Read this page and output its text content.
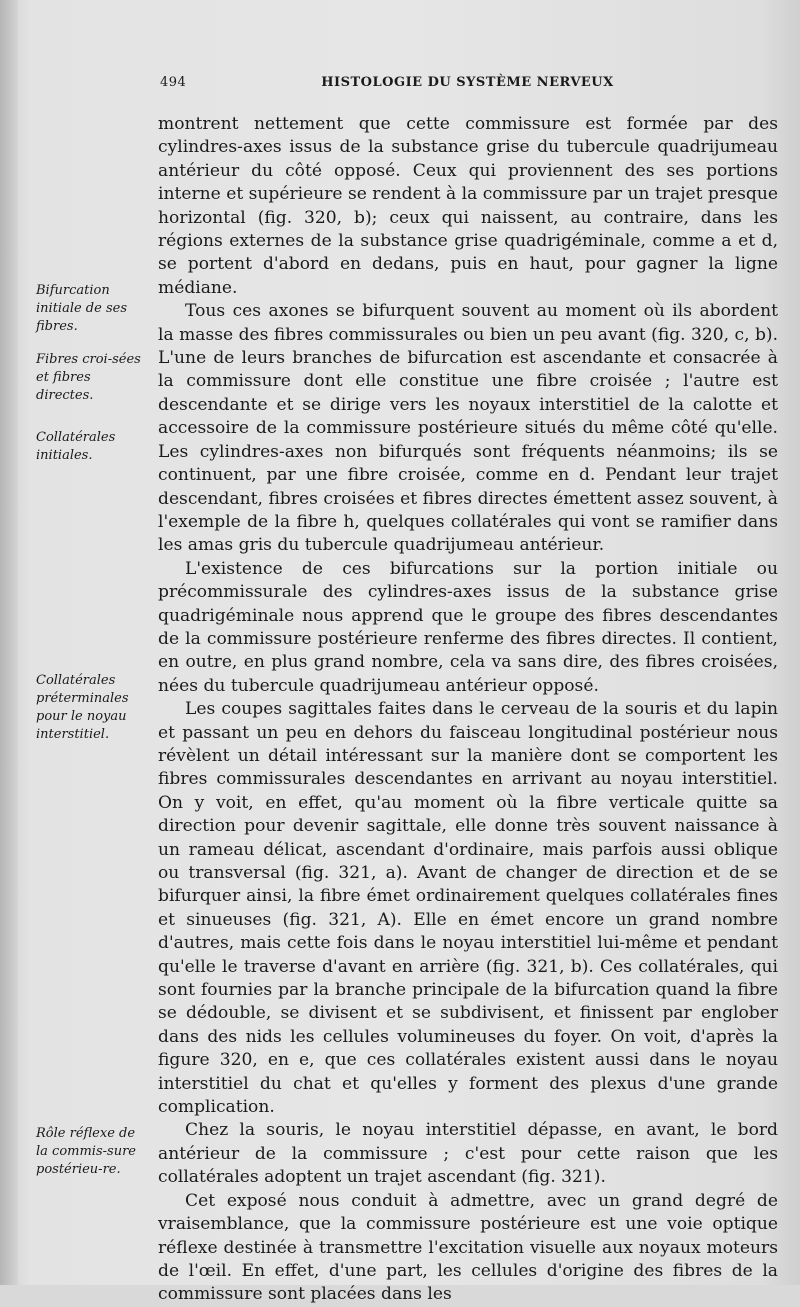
494	HISTOLOGIE DU SYSTÈME NERVEUX
Bifurcation initiale de ses fibres.
Fibres croi-sées et fibres directes.
Collatérales initiales.
Collatérales préterminales pour le noyau interstitiel.
Rôle réflexe de la commis-sure postérieu-re.

montrent nettement que cette commissure est formée par des cylindres-axes issus de la substance grise du tubercule quadrijumeau antérieur du côté opposé. Ceux qui proviennent des ses portions interne et supérieure se rendent à la commissure par un trajet presque horizontal (fig. 320, b); ceux qui naissent, au contraire, dans les régions externes de la substance grise quadrigéminale, comme a et d, se portent d'abord en dedans, puis en haut, pour gagner la ligne médiane.

Tous ces axones se bifurquent souvent au moment où ils abordent la masse des fibres commissurales ou bien un peu avant (fig. 320, c, b). L'une de leurs branches de bifurcation est ascendante et consacrée à la commissure dont elle constitue une fibre croisée ; l'autre est descendante et se dirige vers les noyaux interstitiel de la calotte et accessoire de la commissure postérieure situés du même côté qu'elle. Les cylindres-axes non bifurqués sont fréquents néanmoins; ils se continuent, par une fibre croisée, comme en d. Pendant leur trajet descendant, fibres croisées et fibres directes émettent assez souvent, à l'exemple de la fibre h, quelques collatérales qui vont se ramifier dans les amas gris du tubercule quadrijumeau antérieur.

L'existence de ces bifurcations sur la portion initiale ou précommissurale des cylindres-axes issus de la substance grise quadrigéminale nous apprend que le groupe des fibres descendantes de la commissure postérieure renferme des fibres directes. Il contient, en outre, en plus grand nombre, cela va sans dire, des fibres croisées, nées du tubercule quadrijumeau antérieur opposé.

Les coupes sagittales faites dans le cerveau de la souris et du lapin et passant un peu en dehors du faisceau longitudinal postérieur nous révèlent un détail intéressant sur la manière dont se comportent les fibres commissurales descendantes en arrivant au noyau interstitiel. On y voit, en effet, qu'au moment où la fibre verticale quitte sa direction pour devenir sagittale, elle donne très souvent naissance à un rameau délicat, ascendant d'ordinaire, mais parfois aussi oblique ou transversal (fig. 321, a). Avant de changer de direction et de se bifurquer ainsi, la fibre émet ordinairement quelques collatérales fines et sinueuses (fig. 321, A). Elle en émet encore un grand nombre d'autres, mais cette fois dans le noyau interstitiel lui-même et pendant qu'elle le traverse d'avant en arrière (fig. 321, b). Ces collatérales, qui sont fournies par la branche principale de la bifurcation quand la fibre se dédouble, se divisent et se subdivisent, et finissent par englober dans des nids les cellules volumineuses du foyer. On voit, d'après la figure 320, en e, que ces collatérales existent aussi dans le noyau interstitiel du chat et qu'elles y forment des plexus d'une grande complication.

Chez la souris, le noyau interstitiel dépasse, en avant, le bord antérieur de la commissure ; c'est pour cette raison que les collatérales adoptent un trajet ascendant (fig. 321).

Cet exposé nous conduit à admettre, avec un grand degré de vraisemblance, que la commissure postérieure est une voie optique réflexe destinée à transmettre l'excitation visuelle aux noyaux moteurs de l'œil. En effet, d'une part, les cellules d'origine des fibres de la commissure sont placées dans les
